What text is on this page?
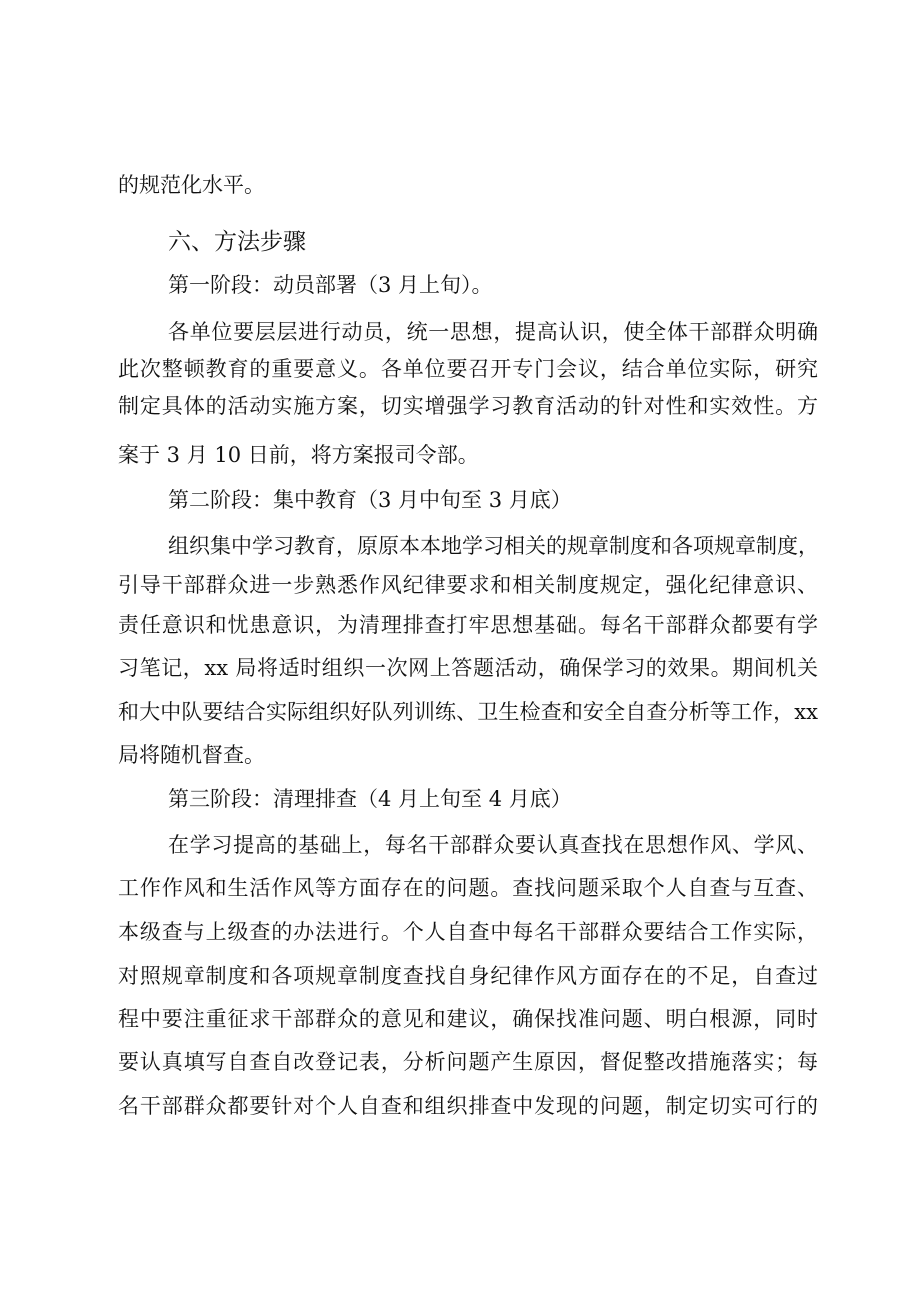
的规范化水平。
六、方法步骤
第一阶段：动员部署（3 月上旬）。
各单位要层层进行动员，统一思想，提高认识，使全体干部群众明确
此次整顿教育的重要意义。各单位要召开专门会议，结合单位实际，研究
制定具体的活动实施方案，切实增强学习教育活动的针对性和实效性。方
案于 3 月 10 日前，将方案报司令部。
第二阶段：集中教育（3 月中旬至 3 月底）
组织集中学习教育，原原本本地学习相关的规章制度和各项规章制度，
引导干部群众进一步熟悉作风纪律要求和相关制度规定，强化纪律意识、
责任意识和忧患意识，为清理排查打牢思想基础。每名干部群众都要有学
习笔记，xx 局将适时组织一次网上答题活动，确保学习的效果。期间机关
和大中队要结合实际组织好队列训练、卫生检查和安全自查分析等工作，xx
局将随机督查。
第三阶段：清理排查（4 月上旬至 4 月底）
在学习提高的基础上，每名干部群众要认真查找在思想作风、学风、
工作作风和生活作风等方面存在的问题。查找问题采取个人自查与互查、
本级查与上级查的办法进行。个人自查中每名干部群众要结合工作实际，
对照规章制度和各项规章制度查找自身纪律作风方面存在的不足，自查过
程中要注重征求干部群众的意见和建议，确保找准问题、明白根源，同时
要认真填写自查自改登记表，分析问题产生原因，督促整改措施落实；每
名干部群众都要针对个人自查和组织排查中发现的问题，制定切实可行的
